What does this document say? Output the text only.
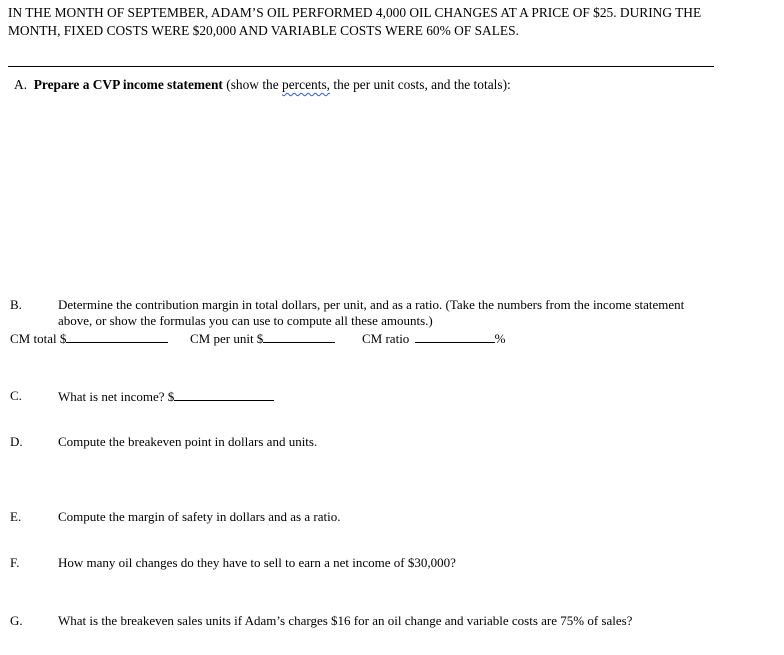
IN THE MONTH OF SEPTEMBER, ADAM’S OIL PERFORMED 4,000 OIL CHANGES AT A PRICE OF $25. DURING THE
MONTH, FIXED COSTS WERE $20,000 AND VARIABLE COSTS WERE 60% OF SALES.
A. Prepare a CVP income statement (show the percents, the per unit costs, and the totals):
B.	Determine the contribution margin in total dollars, per unit, and as a ratio. (Take the numbers from the income statement
above, or show the formulas you can use to compute all these amounts.)
CM total $	CM per unit $	CM ratio	%
C.	What is net income? $
D.	Compute the breakeven point in dollars and units.
E.	Compute the margin of safety in dollars and as a ratio.
F.	How many oil changes do they have to sell to earn a net income of $30,000?
G.	What is the breakeven sales units if Adam’s charges $16 for an oil change and variable costs are 75% of sales?
